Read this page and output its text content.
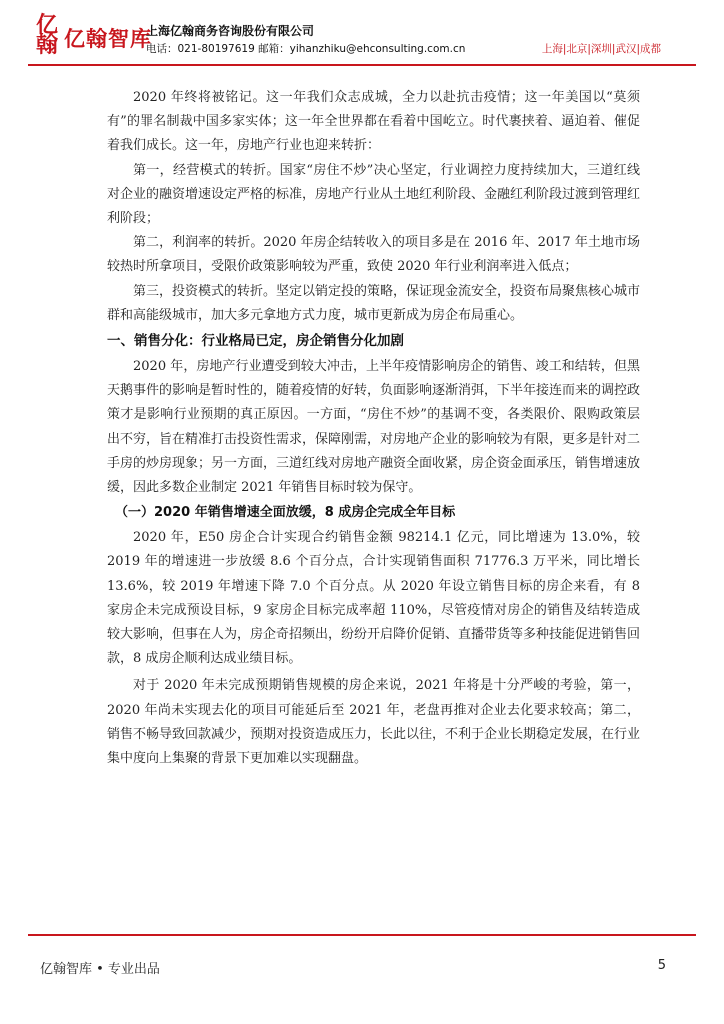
亿翰 亿翰智库
上海亿翰商务咨询股份有限公司
电话：021-80197619 邮箱：yihanzhiku@ehconsulting.com.cn	上海|北京|深圳|武汉|成都

2020 年终将被铭记。这一年我们众志成城，全力以赴抗击疫情；这一年美国以“莫须有”的罪名制裁中国多家实体；这一年全世界都在看着中国屹立。时代裹挟着、逼迫着、催促着我们成长。这一年，房地产行业也迎来转折：

第一，经营模式的转折。国家“房住不炒”决心坚定，行业调控力度持续加大，三道红线对企业的融资增速设定严格的标准，房地产行业从土地红利阶段、金融红利阶段过渡到管理红利阶段；

第二，利润率的转折。2020 年房企结转收入的项目多是在 2016 年、2017 年土地市场较热时所拿项目，受限价政策影响较为严重，致使 2020 年行业利润率进入低点；

第三，投资模式的转折。坚定以销定投的策略，保证现金流安全，投资布局聚焦核心城市群和高能级城市，加大多元拿地方式力度，城市更新成为房企布局重心。

一、销售分化：行业格局已定，房企销售分化加剧

2020 年，房地产行业遭受到较大冲击，上半年疫情影响房企的销售、竣工和结转，但黑天鹅事件的影响是暂时性的，随着疫情的好转，负面影响逐渐消弭，下半年接连而来的调控政策才是影响行业预期的真正原因。一方面，“房住不炒”的基调不变，各类限价、限购政策层出不穷，旨在精准打击投资性需求，保障刚需，对房地产企业的影响较为有限，更多是针对二手房的炒房现象；另一方面，三道红线对房地产融资全面收紧，房企资金面承压，销售增速放缓，因此多数企业制定 2021 年销售目标时较为保守。

（一）2020 年销售增速全面放缓，8 成房企完成全年目标

2020 年，E50 房企合计实现合约销售金额 98214.1 亿元，同比增速为 13.0%，较 2019 年的增速进一步放缓 8.6 个百分点，合计实现销售面积 71776.3 万平米，同比增长 13.6%，较 2019 年增速下降 7.0 个百分点。从 2020 年设立销售目标的房企来看，有 8 家房企未完成预设目标，9 家房企目标完成率超 110%，尽管疫情对房企的销售及结转造成较大影响，但事在人为，房企奇招频出，纷纷开启降价促销、直播带货等多种技能促进销售回款，8 成房企顺利达成业绩目标。

对于 2020 年未完成预期销售规模的房企来说，2021 年将是十分严峻的考验，第一，2020 年尚未实现去化的项目可能延后至 2021 年，老盘再推对企业去化要求较高；第二，销售不畅导致回款减少，预期对投资造成压力，长此以往，不利于企业长期稳定发展，在行业集中度向上集聚的背景下更加难以实现翻盘。

亿翰智库 • 专业出品	5
